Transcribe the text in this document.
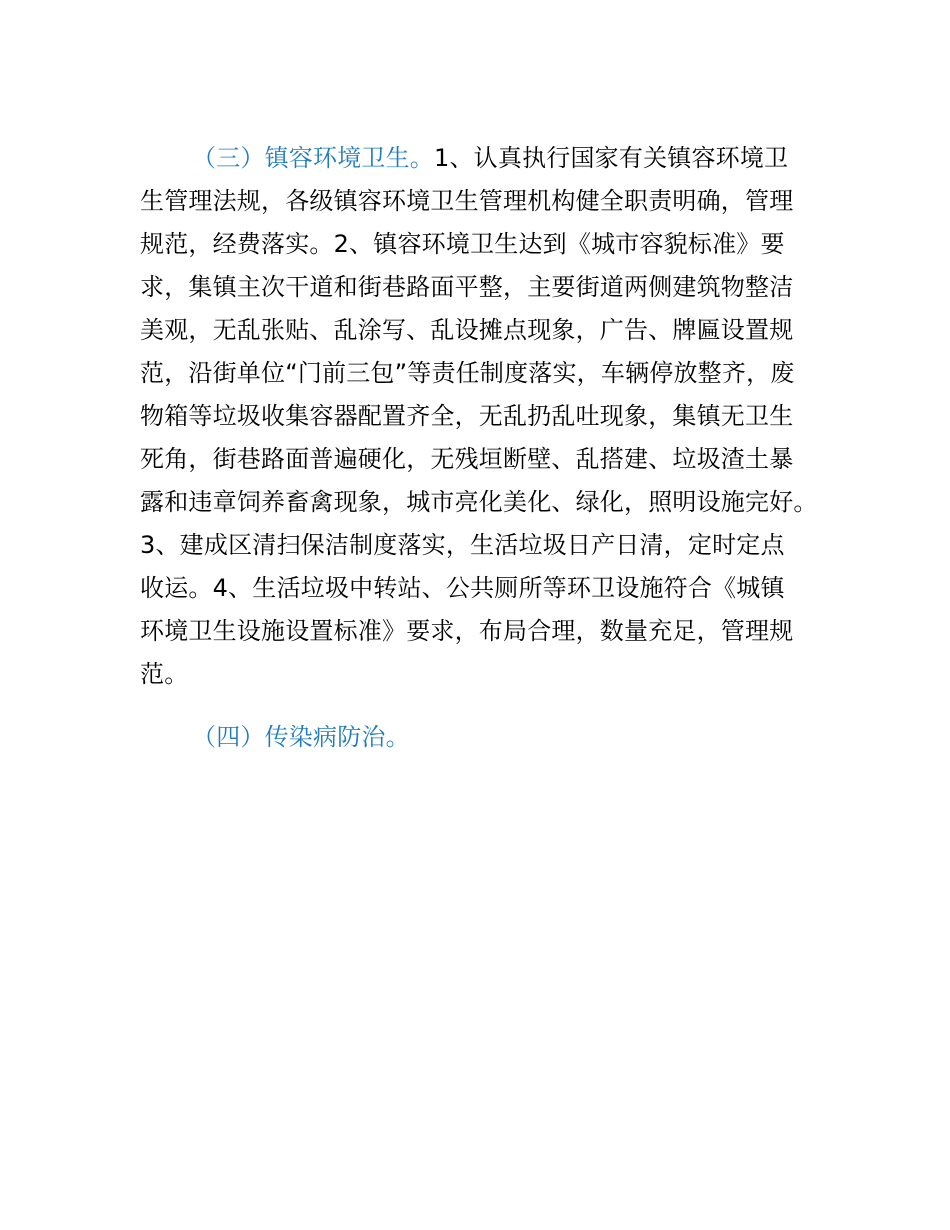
（三）镇容环境卫生。1、认真执行国家有关镇容环境卫
生管理法规，各级镇容环境卫生管理机构健全职责明确，管理
规范，经费落实。2、镇容环境卫生达到《城市容貌标准》要
求，集镇主次干道和街巷路面平整，主要街道两侧建筑物整洁
美观，无乱张贴、乱涂写、乱设摊点现象，广告、牌匾设置规
范，沿街单位“门前三包”等责任制度落实，车辆停放整齐，废
物箱等垃圾收集容器配置齐全，无乱扔乱吐现象，集镇无卫生
死角，街巷路面普遍硬化，无残垣断壁、乱搭建、垃圾渣土暴
露和违章饲养畜禽现象，城市亮化美化、绿化，照明设施完好。
3、建成区清扫保洁制度落实，生活垃圾日产日清，定时定点
收运。4、生活垃圾中转站、公共厕所等环卫设施符合《城镇
环境卫生设施设置标准》要求，布局合理，数量充足，管理规
范。
（四）传染病防治。
